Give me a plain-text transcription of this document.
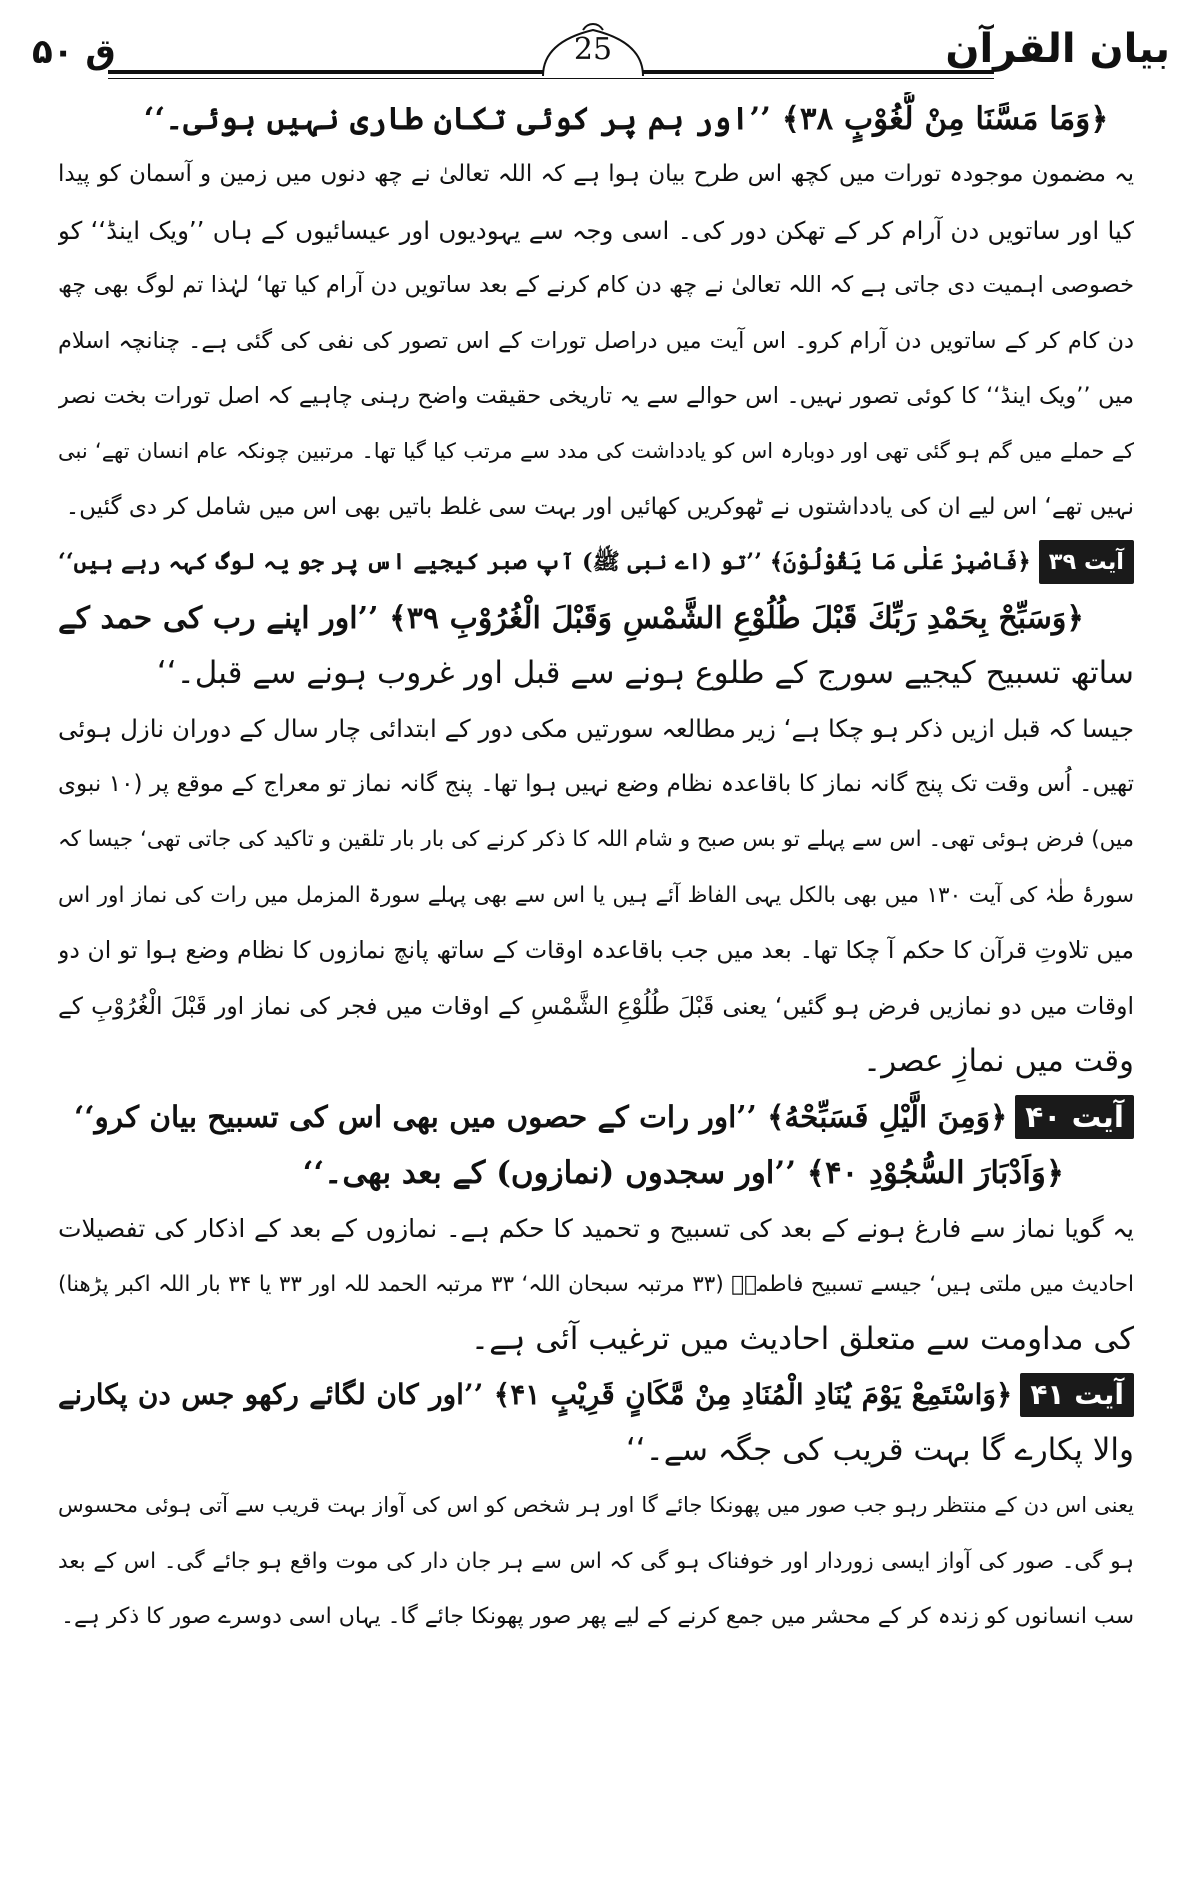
بیان القرآن
ق ۵۰	25
﴿وَمَا مَسَّنَا مِنْ لُّغُوْبٍ ۳۸﴾ ’’اور ہم پر کوئی تکان طاری نہیں ہوئی۔‘‘
یہ مضمون موجودہ تورات میں کچھ اس طرح بیان ہوا ہے کہ اللہ تعالیٰ نے چھ دنوں میں زمین و آسمان کو پیدا
کیا اور ساتویں دن آرام کر کے تھکن دور کی۔ اسی وجہ سے یہودیوں اور عیسائیوں کے ہاں ’’ویک اینڈ‘‘ کو
خصوصی اہمیت دی جاتی ہے کہ اللہ تعالیٰ نے چھ دن کام کرنے کے بعد ساتویں دن آرام کیا تھا‘ لہٰذا تم لوگ بھی چھ
دن کام کر کے ساتویں دن آرام کرو۔ اس آیت میں دراصل تورات کے اس تصور کی نفی کی گئی ہے۔ چنانچہ اسلام
میں ’’ویک اینڈ‘‘ کا کوئی تصور نہیں۔ اس حوالے سے یہ تاریخی حقیقت واضح رہنی چاہیے کہ اصل تورات بخت نصر
کے حملے میں گم ہو گئی تھی اور دوبارہ اس کو یادداشت کی مدد سے مرتب کیا گیا تھا۔ مرتبین چونکہ عام انسان تھے‘ نبی
نہیں تھے‘ اس لیے ان کی یادداشتوں نے ٹھوکریں کھائیں اور بہت سی غلط باتیں بھی اس میں شامل کر دی گئیں۔
آیت ۳۹﴿فَاصْبِرْ عَلٰی مَا يَقُوْلُوْنَ﴾ ’’تو (اے نبی ﷺ) آپ صبر کیجیے اس پر جو یہ لوگ کہہ رہے ہیں‘‘
﴿وَسَبِّحْ بِحَمْدِ رَبِّكَ قَبْلَ طُلُوْعِ الشَّمْسِ وَقَبْلَ الْغُرُوْبِ ۳۹﴾ ’’اور اپنے رب کی حمد کے
ساتھ تسبیح کیجیے سورج کے طلوع ہونے سے قبل اور غروب ہونے سے قبل۔‘‘
جیسا کہ قبل ازیں ذکر ہو چکا ہے‘ زیر مطالعہ سورتیں مکی دور کے ابتدائی چار سال کے دوران نازل ہوئی
تھیں۔ اُس وقت تک پنج گانہ نماز کا باقاعدہ نظام وضع نہیں ہوا تھا۔ پنج گانہ نماز تو معراج کے موقع پر (۱۰ نبوی
میں) فرض ہوئی تھی۔ اس سے پہلے تو بس صبح و شام اللہ کا ذکر کرنے کی بار بار تلقین و تاکید کی جاتی تھی‘ جیسا کہ
سورۂ طٰہٰ کی آیت ۱۳۰ میں بھی بالکل یہی الفاظ آئے ہیں یا اس سے بھی پہلے سورۃ المزمل میں رات کی نماز اور اس
میں تلاوتِ قرآن کا حکم آ چکا تھا۔ بعد میں جب باقاعدہ اوقات کے ساتھ پانچ نمازوں کا نظام وضع ہوا تو ان دو
اوقات میں دو نمازیں فرض ہو گئیں‘ یعنی قَبْلَ طُلُوْعِ الشَّمْسِ کے اوقات میں فجر کی نماز اور قَبْلَ الْغُرُوْبِ کے
وقت میں نمازِ عصر۔
آیت ۴۰﴿وَمِنَ الَّيْلِ فَسَبِّحْهُ﴾ ’’اور رات کے حصوں میں بھی اس کی تسبیح بیان کرو‘‘
﴿وَاَدْبَارَ السُّجُوْدِ ۴۰﴾ ’’اور سجدوں (نمازوں) کے بعد بھی۔‘‘
یہ گویا نماز سے فارغ ہونے کے بعد کی تسبیح و تحمید کا حکم ہے۔ نمازوں کے بعد کے اذکار کی تفصیلات
احادیث میں ملتی ہیں‘ جیسے تسبیح فاطمہؓ (۳۳ مرتبہ سبحان اللہ‘ ۳۳ مرتبہ الحمد للہ اور ۳۳ یا ۳۴ بار اللہ اکبر پڑھنا)
کی مداومت سے متعلق احادیث میں ترغیب آئی ہے۔
آیت ۴۱﴿وَاسْتَمِعْ يَوْمَ يُنَادِ الْمُنَادِ مِنْ مَّكَانٍ قَرِيْبٍ ۴۱﴾ ’’اور کان لگائے رکھو جس دن پکارنے
والا پکارے گا بہت قریب کی جگہ سے۔‘‘
یعنی اس دن کے منتظر رہو جب صور میں پھونکا جائے گا اور ہر شخص کو اس کی آواز بہت قریب سے آتی ہوئی محسوس
ہو گی۔ صور کی آواز ایسی زوردار اور خوفناک ہو گی کہ اس سے ہر جان دار کی موت واقع ہو جائے گی۔ اس کے بعد
سب انسانوں کو زندہ کر کے محشر میں جمع کرنے کے لیے پھر صور پھونکا جائے گا۔ یہاں اسی دوسرے صور کا ذکر ہے۔
